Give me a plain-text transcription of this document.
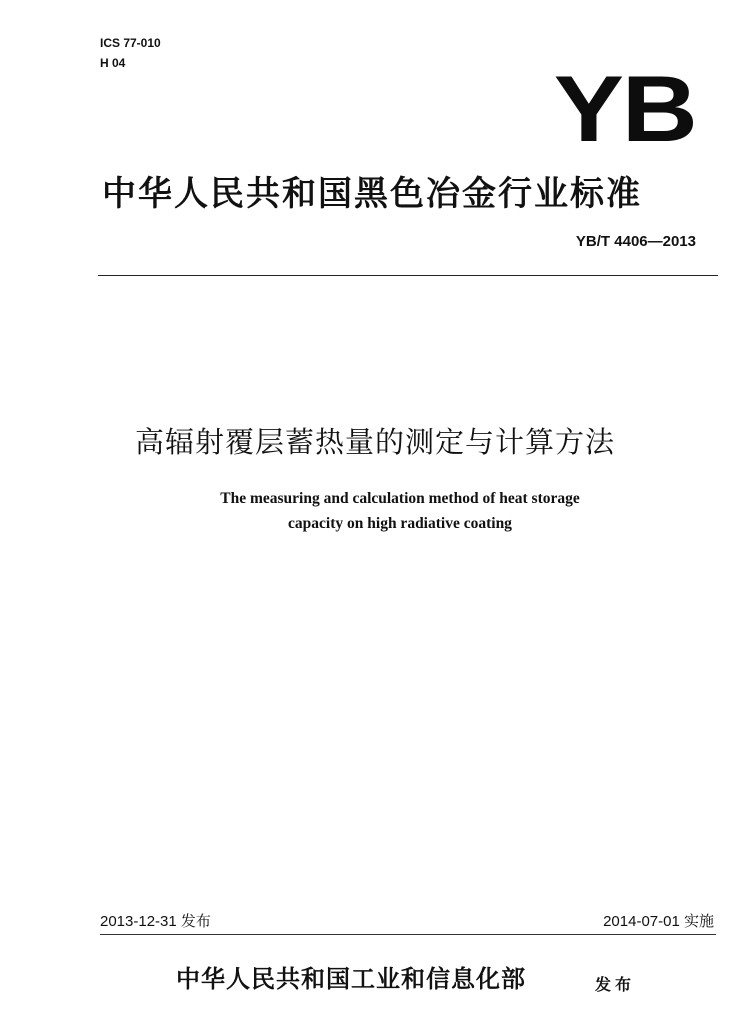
ICS 77-010
H 04	YB
中华人民共和国黑色冶金行业标准
YB/T 4406—2013
高辐射覆层蓄热量的测定与计算方法
The measuring and calculation method of heat storage
capacity on high radiative coating
2013-12-31 发布	2014-07-01 实施
中华人民共和国工业和信息化部	发布
